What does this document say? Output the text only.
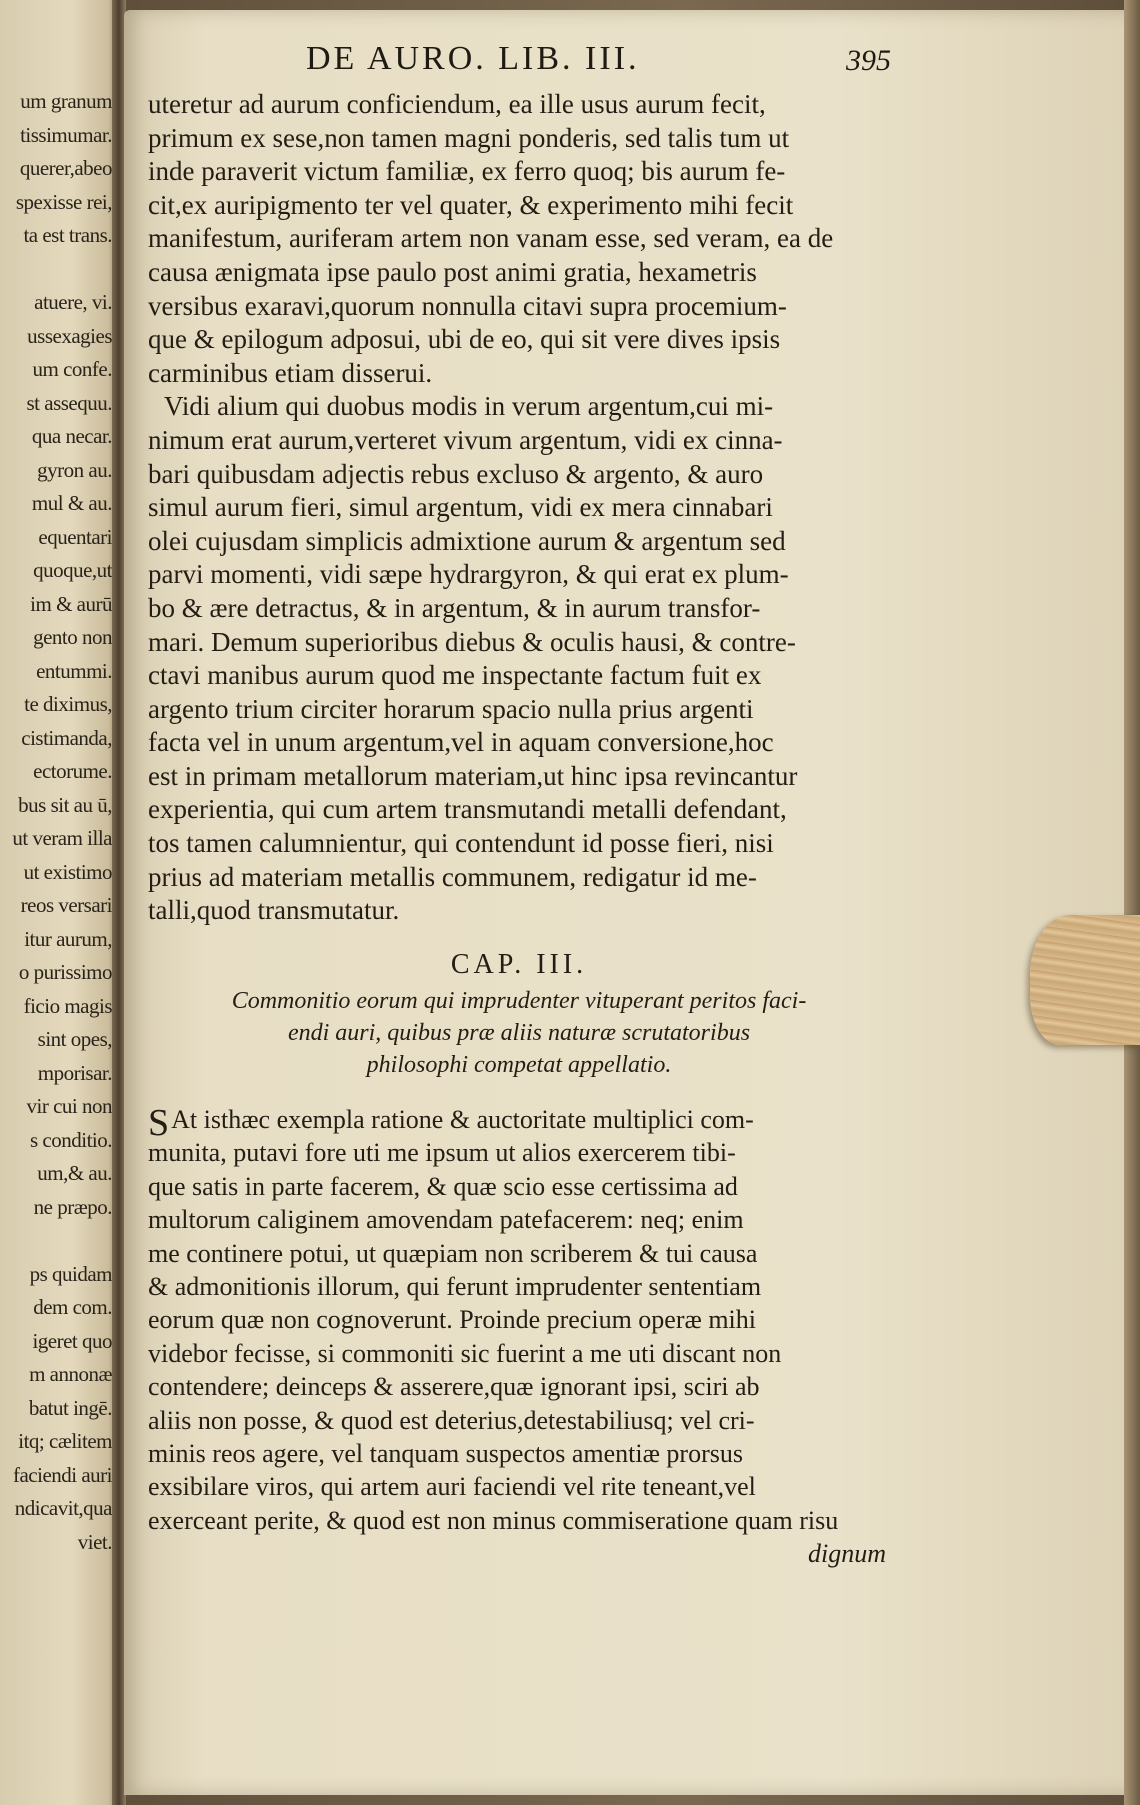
um granum
tissimumar.
querer,abeo
spexisse rei,
ta est trans.
atuere, vi.
ussexagies
um confe.
st assequu.
qua necar.
gyron au.
mul & au.
equentari
quoque,ut
im & aurū
gento non
entummi.
te diximus,
cistimanda,
ectorume.
bus sit au ū,
ut veram illa
ut existimo
reos versari
itur aurum,
o purissimo
ficio magis
sint opes,
mporisar.
vir cui non
s conditio.
um,& au.
ne præpo.
ps quidam
dem com.
igeret quo
m annonæ
batut ingē.
itq; cælitem
faciendi auri
ndicavit,qua
viet.
DE AURO. LIB. III.	395
uteretur ad aurum conficiendum, ea ille usus aurum fecit,
primum ex sese,non tamen magni ponderis, sed talis tum ut
inde paraverit victum familiæ, ex ferro quoq; bis aurum fe-
cit,ex auripigmento ter vel quater, & experimento mihi fecit
manifestum, auriferam artem non vanam esse, sed veram, ea de
causa ænigmata ipse paulo post animi gratia, hexametris
versibus exaravi,quorum nonnulla citavi supra procemium-
que & epilogum adposui, ubi de eo, qui sit vere dives ipsis
carminibus etiam disserui.
Vidi alium qui duobus modis in verum argentum,cui mi-
nimum erat aurum,verteret vivum argentum, vidi ex cinna-
bari quibusdam adjectis rebus excluso & argento, & auro
simul aurum fieri, simul argentum, vidi ex mera cinnabari
olei cujusdam simplicis admixtione aurum & argentum sed
parvi momenti, vidi sæpe hydrargyron, & qui erat ex plum-
bo & ære detractus, & in argentum, & in aurum transfor-
mari. Demum superioribus diebus & oculis hausi, & contre-
ctavi manibus aurum quod me inspectante factum fuit ex
argento trium circiter horarum spacio nulla prius argenti
facta vel in unum argentum,vel in aquam conversione,hoc
est in primam metallorum materiam,ut hinc ipsa revincantur
experientia, qui cum artem transmutandi metalli defendant,
tos tamen calumnientur, qui contendunt id posse fieri, nisi
prius ad materiam metallis communem, redigatur id me-
talli,quod transmutatur.
CAP. III.
Commonitio eorum qui imprudenter vituperant peritos faci-
endi auri, quibus præ aliis naturæ scrutatoribus
philosophi competat appellatio.
S At isthæc exempla ratione & auctoritate multiplici com-
munita, putavi fore uti me ipsum ut alios exercerem tibi-
que satis in parte facerem, & quæ scio esse certissima ad
multorum caliginem amovendam patefacerem: neq; enim
me continere potui, ut quæpiam non scriberem & tui causa
& admonitionis illorum, qui ferunt imprudenter sententiam
eorum quæ non cognoverunt. Proinde precium operæ mihi
videbor fecisse, si commoniti sic fuerint a me uti discant non
contendere; deinceps & asserere,quæ ignorant ipsi, sciri ab
aliis non posse, & quod est deterius,detestabiliusq; vel cri-
minis reos agere, vel tanquam suspectos amentiæ prorsus
exsibilare viros, qui artem auri faciendi vel rite teneant,vel
exerceant perite, & quod est non minus commiseratione quam risu
dignum
